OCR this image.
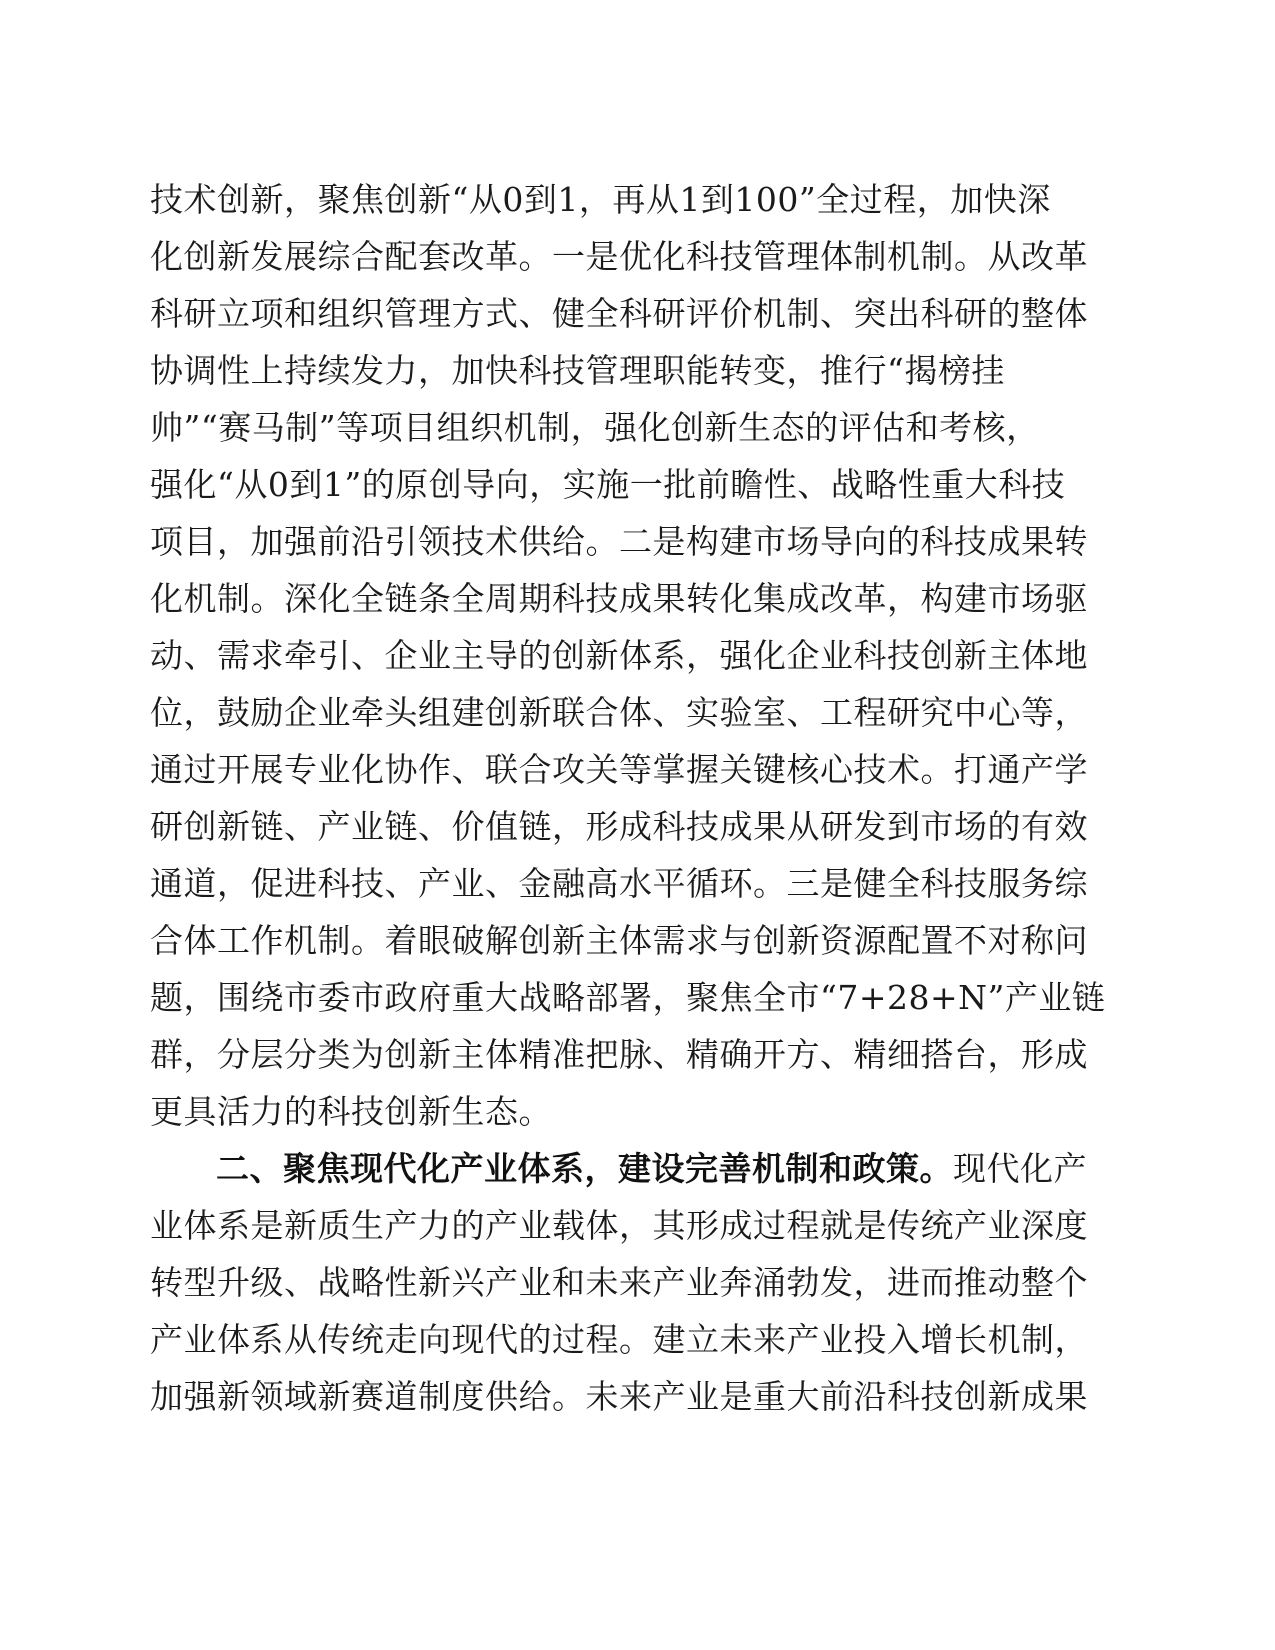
技术创新，聚焦创新“从0到1，再从1到100”全过程，加快深
化创新发展综合配套改革。一是优化科技管理体制机制。从改革
科研立项和组织管理方式、健全科研评价机制、突出科研的整体
协调性上持续发力，加快科技管理职能转变，推行“揭榜挂
帅”“赛马制”等项目组织机制，强化创新生态的评估和考核，
强化“从0到1”的原创导向，实施一批前瞻性、战略性重大科技
项目，加强前沿引领技术供给。二是构建市场导向的科技成果转
化机制。深化全链条全周期科技成果转化集成改革，构建市场驱
动、需求牵引、企业主导的创新体系，强化企业科技创新主体地
位，鼓励企业牵头组建创新联合体、实验室、工程研究中心等，
通过开展专业化协作、联合攻关等掌握关键核心技术。打通产学
研创新链、产业链、价值链，形成科技成果从研发到市场的有效
通道，促进科技、产业、金融高水平循环。三是健全科技服务综
合体工作机制。着眼破解创新主体需求与创新资源配置不对称问
题，围绕市委市政府重大战略部署，聚焦全市“7+28+N”产业链
群，分层分类为创新主体精准把脉、精确开方、精细搭台，形成
更具活力的科技创新生态。
二、聚焦现代化产业体系，建设完善机制和政策。现代化产
业体系是新质生产力的产业载体，其形成过程就是传统产业深度
转型升级、战略性新兴产业和未来产业奔涌勃发，进而推动整个
产业体系从传统走向现代的过程。建立未来产业投入增长机制，
加强新领域新赛道制度供给。未来产业是重大前沿科技创新成果
